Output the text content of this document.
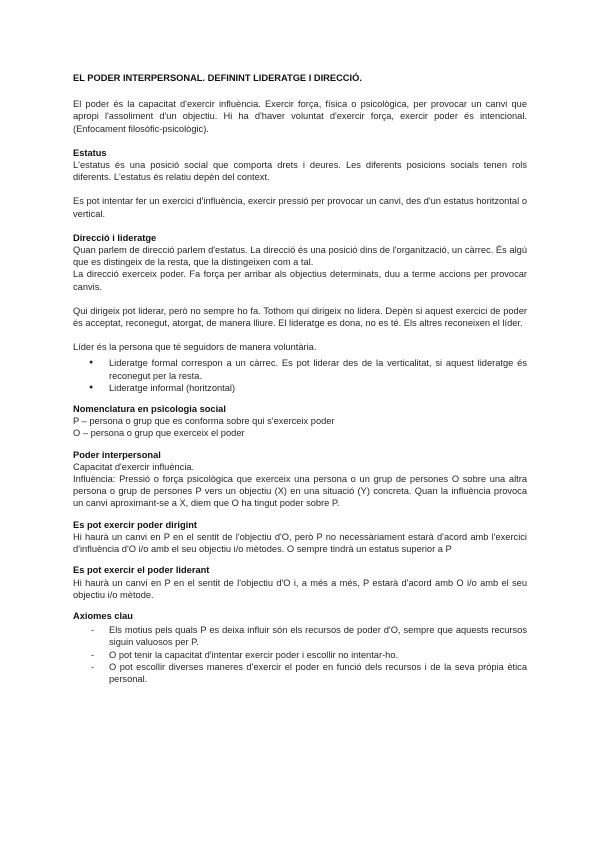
EL PODER INTERPERSONAL. DEFININT LIDERATGE I DIRECCIÓ.

El poder és la capacitat d'exercir influència. Exercir força, física o psicològica, per provocar un canvi que apropi l'assoliment d'un objectiu. Hi ha d'haver voluntat d'exercir força, exercir poder és intencional. (Enfocament filosòfic-psicològic).

Estatus

L'estatus és una posició social que comporta drets i deures. Les diferents posicions socials tenen rols diferents. L'estatus és relatiu depèn del context.

Es pot intentar fer un exercici d'influència, exercir pressió per provocar un canvi, des d'un estatus horitzontal o vertical.

Direcció i lideratge

Quan parlem de direcció parlem d'estatus. La direcció és una posició dins de l'organització, un càrrec. És algú que es distingeix de la resta, que la distingeixen com a tal.

La direcció exerceix poder. Fa força per arribar als objectius determinats, duu a terme accions per provocar canvis.

Qui dirigeix pot liderar, però no sempre ho fa. Tothom qui dirigeix no lidera. Depèn si aquest exercici de poder és acceptat, reconegut, atorgat, de manera lliure. El lideratge es dona, no es té. Els altres reconeixen el líder.

Líder és la persona que té seguidors de manera voluntària.

● Lideratge formal correspon a un càrrec. Es pot liderar des de la verticalitat, si aquest lideratge és reconegut per la resta.
● Lideratge informal (horitzontal)

Nomenclatura en psicologia social

P – persona o grup que es conforma sobre qui s'exerceix poder

O – persona o grup que exerceix el poder

Poder interpersonal

Capacitat d'exercir influència.

Influència: Pressió o força psicològica que exerceix una persona o un grup de persones O sobre una altra persona o grup de persones P vers un objectiu (X) en una situació (Y) concreta. Quan la influència provoca un canvi aproximant-se a X, diem que O ha tingut poder sobre P.

Es pot exercir poder dirigint

Hi haurà un canvi en P en el sentit de l'objectiu d'O, però P no necessàriament estarà d'acord amb l'exercici d'influència d'O i/o amb el seu objectiu i/o mètodes. O sempre tindrà un estatus superior a P

Es pot exercir el poder liderant

Hi haurà un canvi en P en el sentit de l'objectiu d'O i, a més a més, P estarà d'acord amb O i/o amb el seu objectiu i/o mètode.

Axiomes clau

- Els motius pels quals P es deixa influir són els recursos de poder d'O, sempre que aquests recursos siguin valuosos per P.
- O pot tenir la capacitat d'intentar exercir poder i escollir no intentar-ho.
- O pot escollir diverses maneres d'exercir el poder en funció dels recursos i de la seva pròpia ètica personal.
